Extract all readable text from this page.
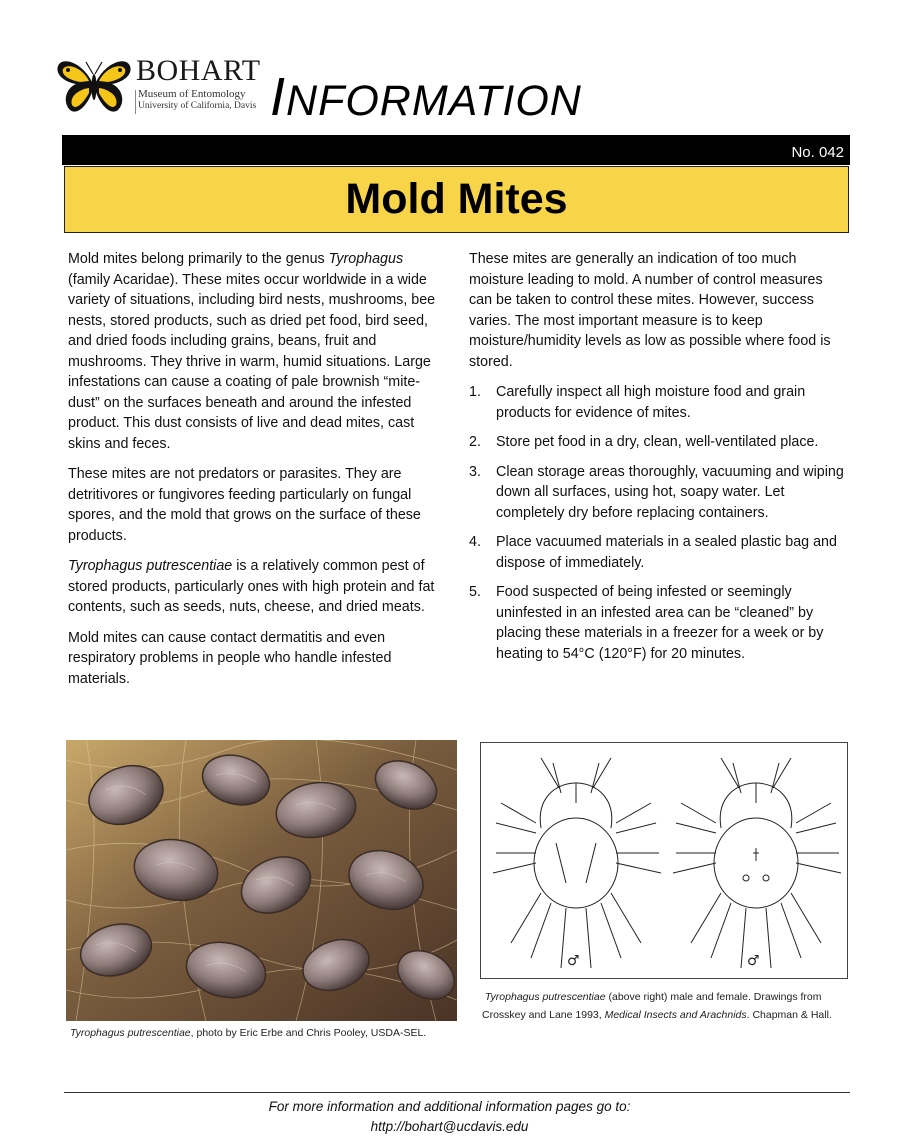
BOHART
Museum of Entomology
University of California, Davis INFORMATION
No. 042
Mold Mites

Mold mites belong primarily to the genus Tyrophagus (family Acaridae). These mites occur worldwide in a wide variety of situations, including bird nests, mushrooms, bee nests, stored products, such as dried pet food, bird seed, and dried foods including grains, beans, fruit and mushrooms. They thrive in warm, humid situations. Large infestations can cause a coating of pale brownish “mite-dust” on the surfaces beneath and around the infested product. This dust consists of live and dead mites, cast skins and feces.

These mites are not predators or parasites. They are detritivores or fungivores feeding particularly on fungal spores, and the mold that grows on the surface of these products.

Tyrophagus putrescentiae is a relatively common pest of stored products, particularly ones with high protein and fat contents, such as seeds, nuts, cheese, and dried meats.

Mold mites can cause contact dermatitis and even respiratory problems in people who handle infested materials.

These mites are generally an indication of too much moisture leading to mold. A number of control measures can be taken to control these mites. However, success varies. The most important measure is to keep moisture/humidity levels as low as possible where food is stored.

1. Carefully inspect all high moisture food and grain products for evidence of mites.
2. Store pet food in a dry, clean, well-ventilated place.
3. Clean storage areas thoroughly, vacuuming and wiping down all surfaces, using hot, soapy water. Let completely dry before replacing containers.
4. Place vacuumed materials in a sealed plastic bag and dispose of immediately.
5. Food suspected of being infested or seemingly uninfested in an infested area can be “cleaned” by placing these materials in a freezer for a week or by heating to 54°C (120°F) for 20 minutes.
Tyrophagus putrescentiae, photo by Eric Erbe and Chris Pooley, USDA-SEL.
♂	♂
Tyrophagus putrescentiae (above right) male and female. Drawings from Crosskey and Lane 1993, Medical Insects and Arachnids. Chapman & Hall.
For more information and additional information pages go to:
http://bohart@ucdavis.edu
